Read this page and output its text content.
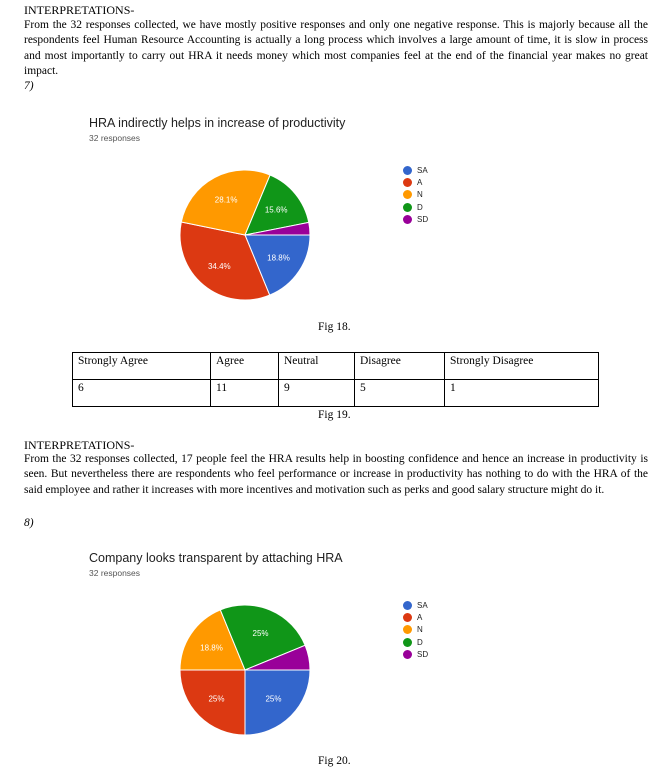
INTERPRETATIONS-

From the 32 responses collected, we have mostly positive responses and only one negative response. This is majorly because all the respondents feel Human Resource Accounting is actually a long process which involves a large amount of time, it is slow in process and most importantly to carry out HRA it needs money which most companies feel at the end of the financial year makes no great impact.

7)
HRA indirectly helps in increase of productivity
32 responses
18.8%
34.4%
28.1%
15.6%
SA
A
N
D
SD
Fig 18.
Strongly Agree	Agree	Neutral	Disagree	Strongly Disagree
6	11	9	5	1
Fig 19.
INTERPRETATIONS-

From the 32 responses collected, 17 people feel the HRA results help in boosting confidence and hence an increase in productivity is seen. But nevertheless there are respondents who feel performance or increase in productivity has nothing to do with the HRA of the said employee and rather it increases with more incentives and motivation such as perks and good salary structure might do it.

8)
Company looks transparent by attaching HRA
32 responses
25%
25%
18.8%
25%
SA
A
N
D
SD
Fig 20.
